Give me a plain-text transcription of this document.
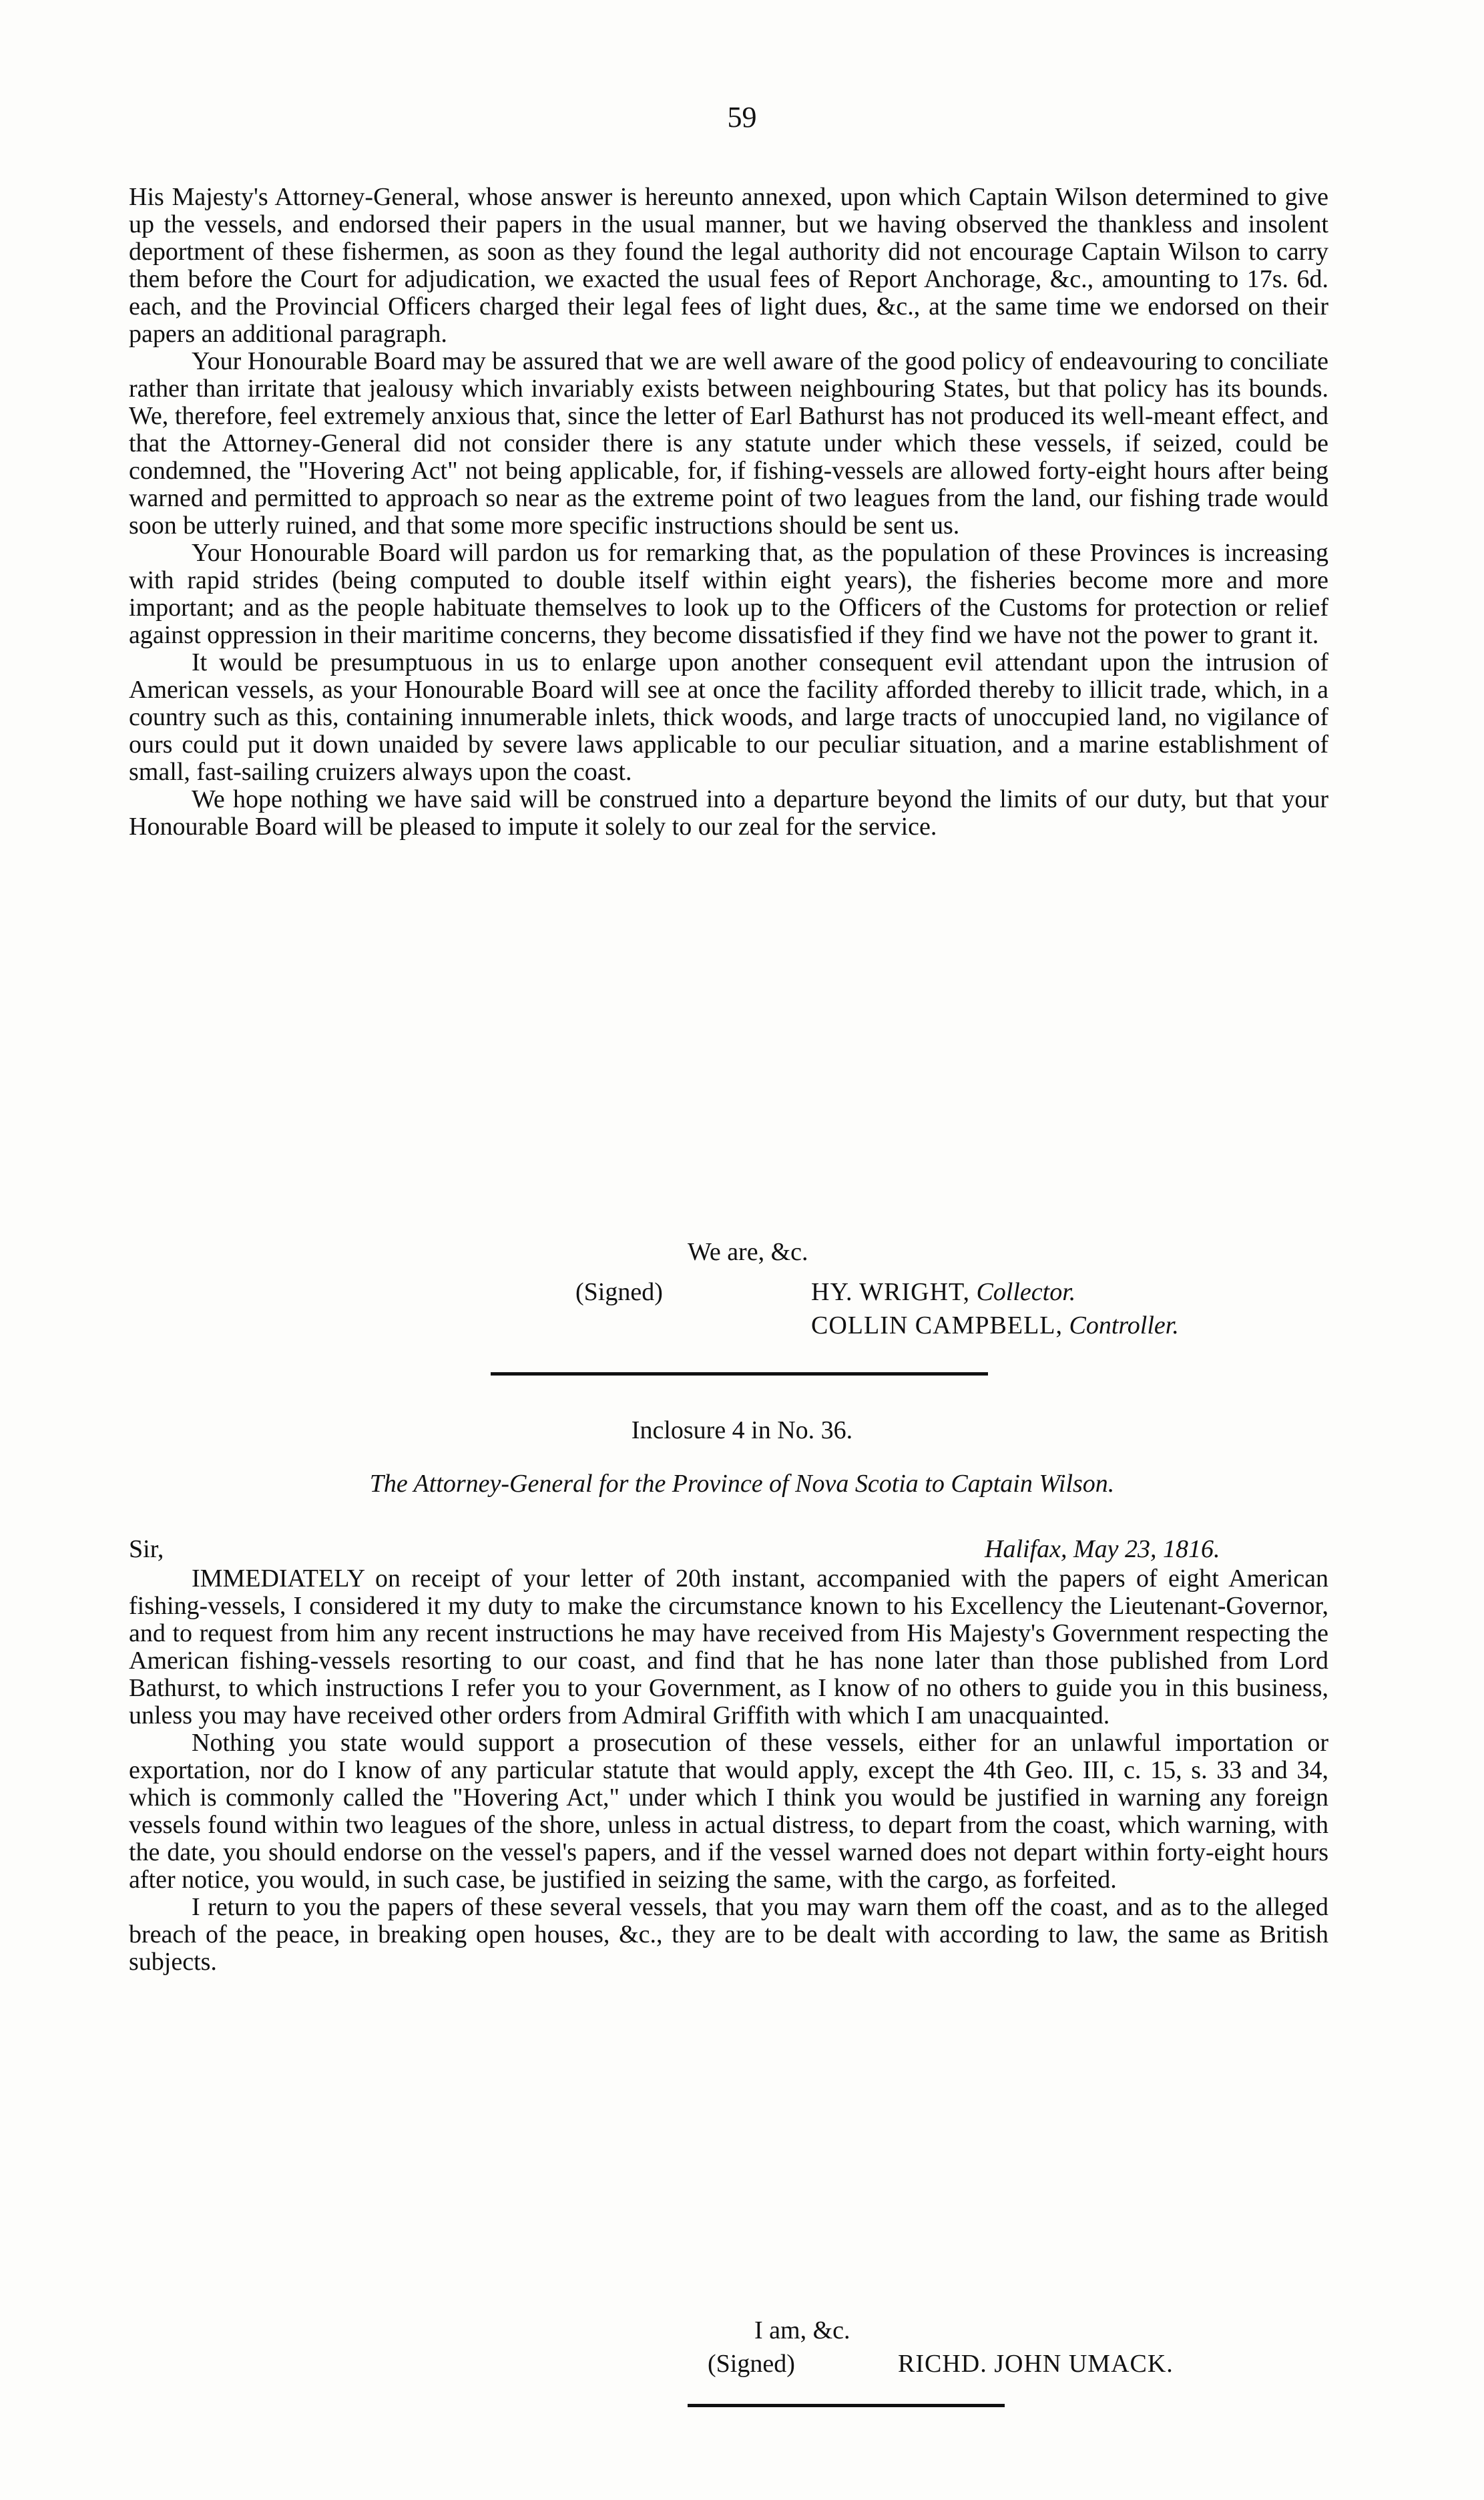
59

His Majesty's Attorney-General, whose answer is hereunto annexed, upon which Captain Wilson determined to give up the vessels, and endorsed their papers in the usual manner, but we having observed the thankless and insolent deportment of these fishermen, as soon as they found the legal authority did not encourage Captain Wilson to carry them before the Court for adjudication, we exacted the usual fees of Report Anchorage, &c., amounting to 17s. 6d. each, and the Provincial Officers charged their legal fees of light dues, &c., at the same time we endorsed on their papers an additional paragraph.

Your Honourable Board may be assured that we are well aware of the good policy of endeavouring to conciliate rather than irritate that jealousy which invariably exists between neighbouring States, but that policy has its bounds. We, therefore, feel extremely anxious that, since the letter of Earl Bathurst has not produced its well-meant effect, and that the Attorney-General did not consider there is any statute under which these vessels, if seized, could be condemned, the "Hovering Act" not being applicable, for, if fishing-vessels are allowed forty-eight hours after being warned and permitted to approach so near as the extreme point of two leagues from the land, our fishing trade would soon be utterly ruined, and that some more specific instructions should be sent us.

Your Honourable Board will pardon us for remarking that, as the population of these Provinces is increasing with rapid strides (being computed to double itself within eight years), the fisheries become more and more important; and as the people habituate themselves to look up to the Officers of the Customs for protection or relief against oppression in their maritime concerns, they become dissatisfied if they find we have not the power to grant it.

It would be presumptuous in us to enlarge upon another consequent evil attendant upon the intrusion of American vessels, as your Honourable Board will see at once the facility afforded thereby to illicit trade, which, in a country such as this, containing innumerable inlets, thick woods, and large tracts of unoccupied land, no vigilance of ours could put it down unaided by severe laws applicable to our peculiar situation, and a marine establishment of small, fast-sailing cruizers always upon the coast.

We hope nothing we have said will be construed into a departure beyond the limits of our duty, but that your Honourable Board will be pleased to impute it solely to our zeal for the service.

We are, &c.
(Signed)	HY. WRIGHT, Collector.
COLLIN CAMPBELL, Controller.
Inclosure 4 in No. 36.
The Attorney-General for the Province of Nova Scotia to Captain Wilson.
Sir,	Halifax, May 23, 1816.

IMMEDIATELY on receipt of your letter of 20th instant, accompanied with the papers of eight American fishing-vessels, I considered it my duty to make the circumstance known to his Excellency the Lieutenant-Governor, and to request from him any recent instructions he may have received from His Majesty's Government respecting the American fishing-vessels resorting to our coast, and find that he has none later than those published from Lord Bathurst, to which instructions I refer you to your Government, as I know of no others to guide you in this business, unless you may have received other orders from Admiral Griffith with which I am unacquainted.

Nothing you state would support a prosecution of these vessels, either for an unlawful importation or exportation, nor do I know of any particular statute that would apply, except the 4th Geo. III, c. 15, s. 33 and 34, which is commonly called the "Hovering Act," under which I think you would be justified in warning any foreign vessels found within two leagues of the shore, unless in actual distress, to depart from the coast, which warning, with the date, you should endorse on the vessel's papers, and if the vessel warned does not depart within forty-eight hours after notice, you would, in such case, be justified in seizing the same, with the cargo, as forfeited.

I return to you the papers of these several vessels, that you may warn them off the coast, and as to the alleged breach of the peace, in breaking open houses, &c., they are to be dealt with according to law, the same as British subjects.

I am, &c.
(Signed)	RICHD. JOHN UMACK.
